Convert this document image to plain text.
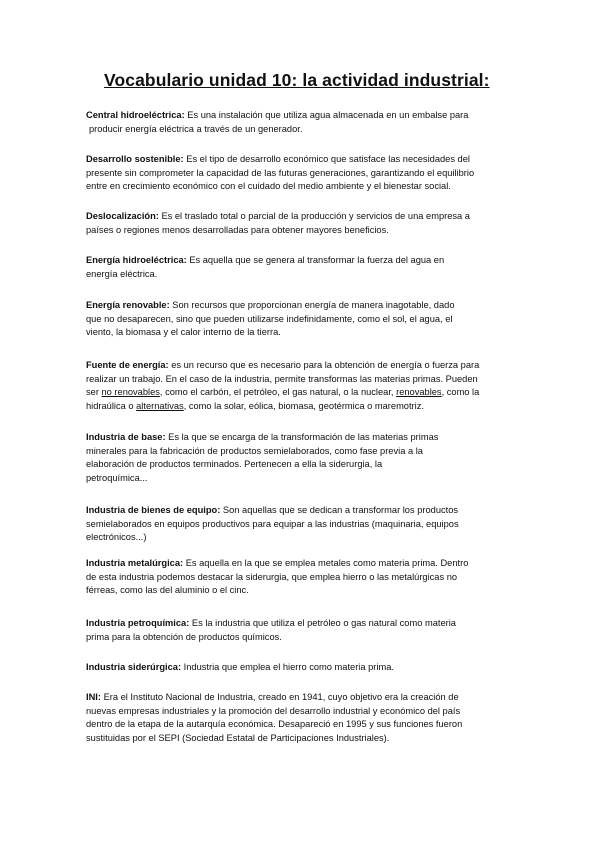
Vocabulario unidad 10: la actividad industrial:
Central hidroeléctrica: Es una instalación que utiliza agua almacenada en un embalse para
producir energía eléctrica a través de un generador.
Desarrollo sostenible: Es el tipo de desarrollo económico que satisface las necesidades del
presente sin comprometer la capacidad de las futuras generaciones, garantizando el equilibrio
entre en crecimiento económico con el cuidado del medio ambiente y el bienestar social.
Deslocalización: Es el traslado total o parcial de la producción y servicios de una empresa a
países o regiones menos desarrolladas para obtener mayores beneficios.
Energía hidroeléctrica: Es aquella que se genera al transformar la fuerza del agua en
energía eléctrica.
Energía renovable: Son recursos que proporcionan energía de manera inagotable, dado
que no desaparecen, sino que pueden utilizarse indefinidamente, como el sol, el agua, el
viento, la biomasa y el calor interno de la tierra.
Fuente de energía: es un recurso que es necesario para la obtención de energía o fuerza para
realizar un trabajo. En el caso de la industria, permite transformas las materias primas. Pueden
ser no renovables, como el carbón, el petróleo, el gas natural, o la nuclear, renovables, como la
hidraúlica o alternativas, como la solar, eólica, biomasa, geotérmica o maremotriz.
Industria de base: Es la que se encarga de la transformación de las materias primas
minerales para la fabricación de productos semielaborados, como fase previa a la
elaboración de productos terminados. Pertenecen a ella la siderurgia, la
petroquímica...
Industria de bienes de equipo: Son aquellas que se dedican a transformar los productos
semielaborados en equipos productivos para equipar a las industrias (maquinaria, equipos
electrónicos...)
Industria metalúrgica: Es aquella en la que se emplea metales como materia prima. Dentro
de esta industria podemos destacar la siderurgia, que emplea hierro o las metalúrgicas no
férreas, como las del aluminio o el cinc.
Industria petroquímica: Es la industria que utiliza el petróleo o gas natural como materia
prima para la obtención de productos químicos.
Industria siderúrgica: Industria que emplea el hierro como materia prima.
INI: Era el Instituto Nacional de Industria, creado en 1941, cuyo objetivo era la creación de
nuevas empresas industriales y la promoción del desarrollo industrial y económico del país
dentro de la etapa de la autarquía económica. Desapareció en 1995 y sus funciones fueron
sustituidas por el SEPI (Sociedad Estatal de Participaciones Industriales).
